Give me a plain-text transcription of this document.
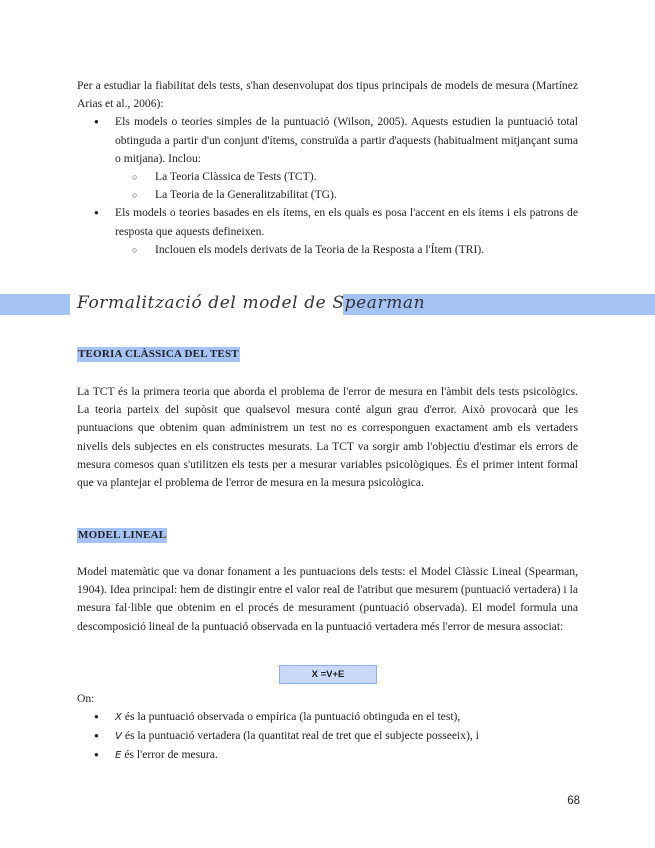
Per a estudiar la fiabilitat dels tests, s'han desenvolupat dos tipus principals de models de mesura (Martínez Arias et al., 2006):

● Els models o teories simples de la puntuació (Wilson, 2005). Aquests estudien la puntuació total obtinguda a partir d'un conjunt d'ítems, construïda a partir d'aquests (habitualment mitjançant suma o mitjana). Inclou:

○ La Teoria Clàssica de Tests (TCT).
○ La Teoria de la Generalitzabilitat (TG).

● Els models o teories basades en els ítems, en els quals es posa l'accent en els ítems i els patrons de resposta que aquests defineixen.

○ Inclouen els models derivats de la Teoria de la Resposta a l'Ítem (TRI).
Formalització del model de Spearman
TEORIA CLÀSSICA DEL TEST

La TCT és la primera teoria que aborda el problema de l'error de mesura en l'àmbit dels tests psicològics. La teoria parteix del supòsit que qualsevol mesura conté algun grau d'error. Això provocarà que les puntuacions que obtenim quan administrem un test no es corresponguen exactament amb els vertaders nivells dels subjectes en els constructes mesurats. La TCT va sorgir amb l'objectiu d'estimar els errors de mesura comesos quan s'utilitzen els tests per a mesurar variables psicològiques. És el primer intent formal que va plantejar el problema de l'error de mesura en la mesura psicològica.

MODEL LINEAL

Model matemàtic que va donar fonament a les puntuacions dels tests: el Model Clàssic Lineal (Spearman, 1904). Idea principal: hem de distingir entre el valor real de l'atribut que mesurem (puntuació vertadera) i la mesura fal·lible que obtenim en el procés de mesurament (puntuació observada). El model formula una descomposició lineal de la puntuació observada en la puntuació vertadera més l'error de mesura associat:

X =V+E
On:
● X és la puntuació observada o empírica (la puntuació obtinguda en el test),
● V és la puntuació vertadera (la quantitat real de tret que el subjecte posseeix), i
● E és l'error de mesura.
68
